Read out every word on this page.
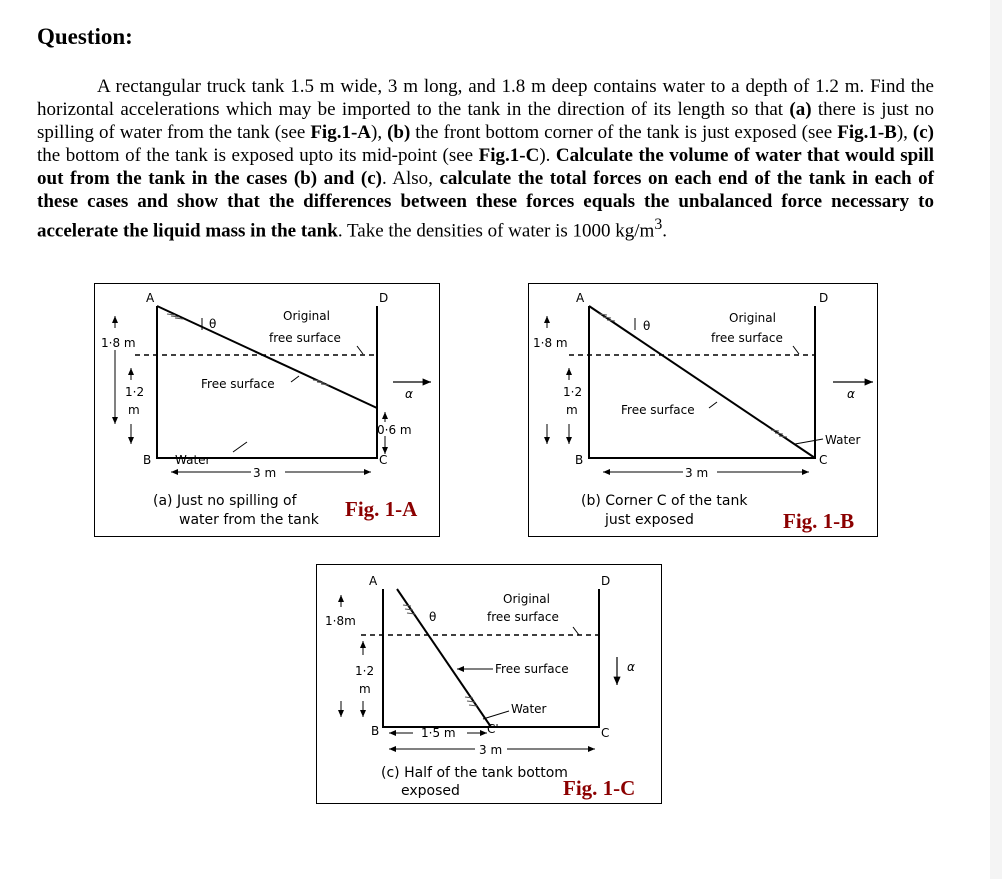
Question:
A rectangular truck tank 1.5 m wide, 3 m long, and 1.8 m deep contains water to a depth of 1.2 m. Find the horizontal accelerations which may be imported to the tank in the direction of its length so that (a) there is just no spilling of water from the tank (see Fig.1-A), (b) the front bottom corner of the tank is just exposed (see Fig.1-B), (c) the bottom of the tank is exposed upto its mid-point (see Fig.1-C). Calculate the volume of water that would spill out from the tank in the cases (b) and (c). Also, calculate the total forces on each end of the tank in each of these cases and show that the differences between these forces equals the unbalanced force necessary to accelerate the liquid mass in the tank. Take the densities of water is 1000 $kg/m^3$.
A	D
B	C
θ
1·8 m
1·2
m
Original
free surface
Free surface
α
0·6 m
Water
3 m
(a) Just no spilling of
water from the tank Fig. 1-A
A	D
B	C
θ
1·8 m
1·2
m
Original
free surface
Free surface
α
Water
3 m
(b) Corner C of the tank
just exposed	Fig. 1-B
A	D
B	C
C'
θ
1·8m
1·2
m
Original
free surface
Free surface	α
Water
1·5 m
3 m
(c) Half of the tank bottom
exposed	Fig. 1-C
